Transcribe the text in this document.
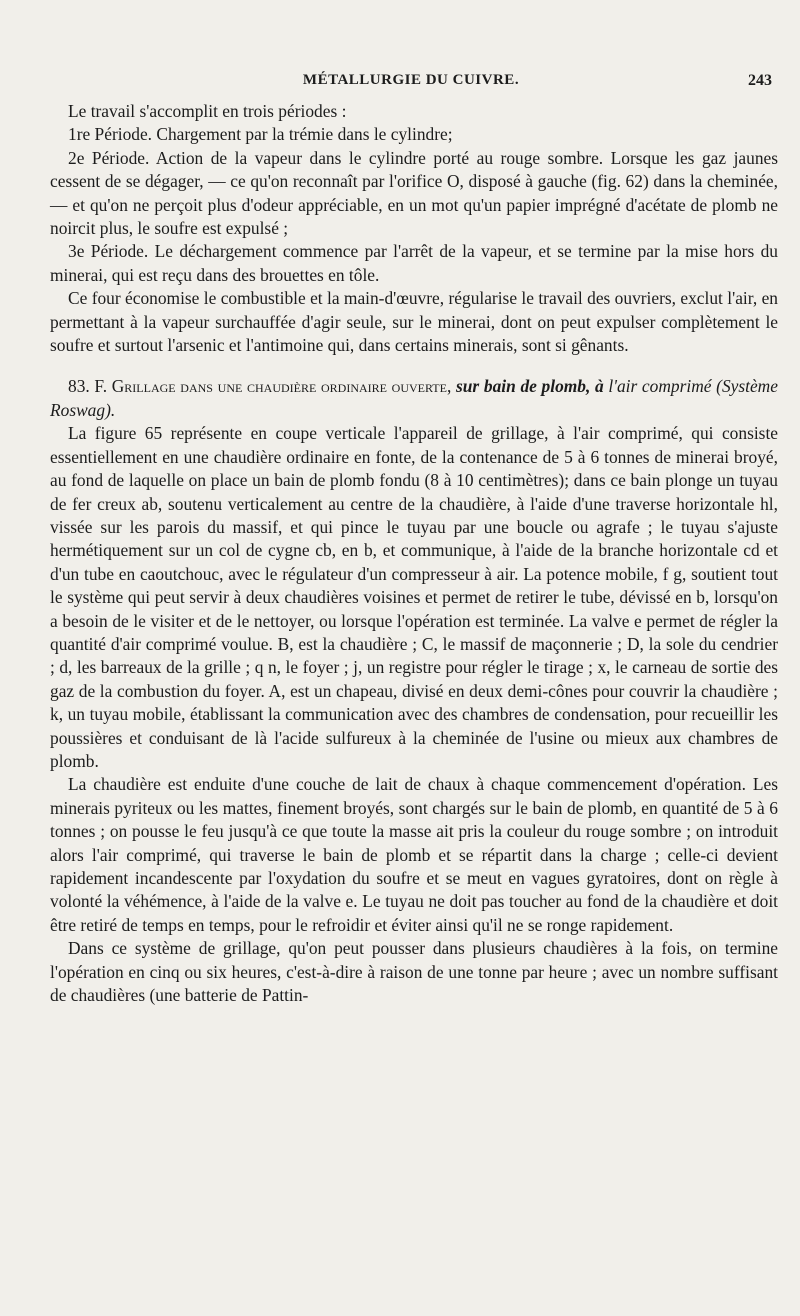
MÉTALLURGIE DU CUIVRE.	243

Le travail s'accomplit en trois périodes :

1re Période. Chargement par la trémie dans le cylindre;

2e Période. Action de la vapeur dans le cylindre porté au rouge sombre. Lorsque les gaz jaunes cessent de se dégager, — ce qu'on reconnaît par l'orifice O, disposé à gauche (fig. 62) dans la cheminée, — et qu'on ne perçoit plus d'odeur appréciable, en un mot qu'un papier imprégné d'acétate de plomb ne noircit plus, le soufre est expulsé ;

3e Période. Le déchargement commence par l'arrêt de la vapeur, et se termine par la mise hors du minerai, qui est reçu dans des brouettes en tôle.

Ce four économise le combustible et la main-d'œuvre, régularise le travail des ouvriers, exclut l'air, en permettant à la vapeur surchauffée d'agir seule, sur le minerai, dont on peut expulser complètement le soufre et surtout l'arsenic et l'antimoine qui, dans certains minerais, sont si gênants.

83. F. Grillage dans une chaudière ordinaire ouverte, sur bain de plomb, à l'air comprimé (Système Roswag).

La figure 65 représente en coupe verticale l'appareil de grillage, à l'air comprimé, qui consiste essentiellement en une chaudière ordinaire en fonte, de la contenance de 5 à 6 tonnes de minerai broyé, au fond de laquelle on place un bain de plomb fondu (8 à 10 centimètres); dans ce bain plonge un tuyau de fer creux ab, soutenu verticalement au centre de la chaudière, à l'aide d'une traverse horizontale hl, vissée sur les parois du massif, et qui pince le tuyau par une boucle ou agrafe ; le tuyau s'ajuste hermétiquement sur un col de cygne cb, en b, et communique, à l'aide de la branche horizontale cd et d'un tube en caoutchouc, avec le régulateur d'un compresseur à air. La potence mobile, f g, soutient tout le système qui peut servir à deux chaudières voisines et permet de retirer le tube, dévissé en b, lorsqu'on a besoin de le visiter et de le nettoyer, ou lorsque l'opération est terminée. La valve e permet de régler la quantité d'air comprimé voulue. B, est la chaudière ; C, le massif de maçonnerie ; D, la sole du cendrier ; d, les barreaux de la grille ; q n, le foyer ; j, un registre pour régler le tirage ; x, le carneau de sortie des gaz de la combustion du foyer. A, est un chapeau, divisé en deux demi-cônes pour couvrir la chaudière ; k, un tuyau mobile, établissant la communication avec des chambres de condensation, pour recueillir les poussières et conduisant de là l'acide sulfureux à la cheminée de l'usine ou mieux aux chambres de plomb.

La chaudière est enduite d'une couche de lait de chaux à chaque commencement d'opération. Les minerais pyriteux ou les mattes, finement broyés, sont chargés sur le bain de plomb, en quantité de 5 à 6 tonnes ; on pousse le feu jusqu'à ce que toute la masse ait pris la couleur du rouge sombre ; on introduit alors l'air comprimé, qui traverse le bain de plomb et se répartit dans la charge ; celle-ci devient rapidement incandescente par l'oxydation du soufre et se meut en vagues gyratoires, dont on règle à volonté la véhémence, à l'aide de la valve e. Le tuyau ne doit pas toucher au fond de la chaudière et doit être retiré de temps en temps, pour le refroidir et éviter ainsi qu'il ne se ronge rapidement.

Dans ce système de grillage, qu'on peut pousser dans plusieurs chaudières à la fois, on termine l'opération en cinq ou six heures, c'est-à-dire à raison de une tonne par heure ; avec un nombre suffisant de chaudières (une batterie de Pattin-
